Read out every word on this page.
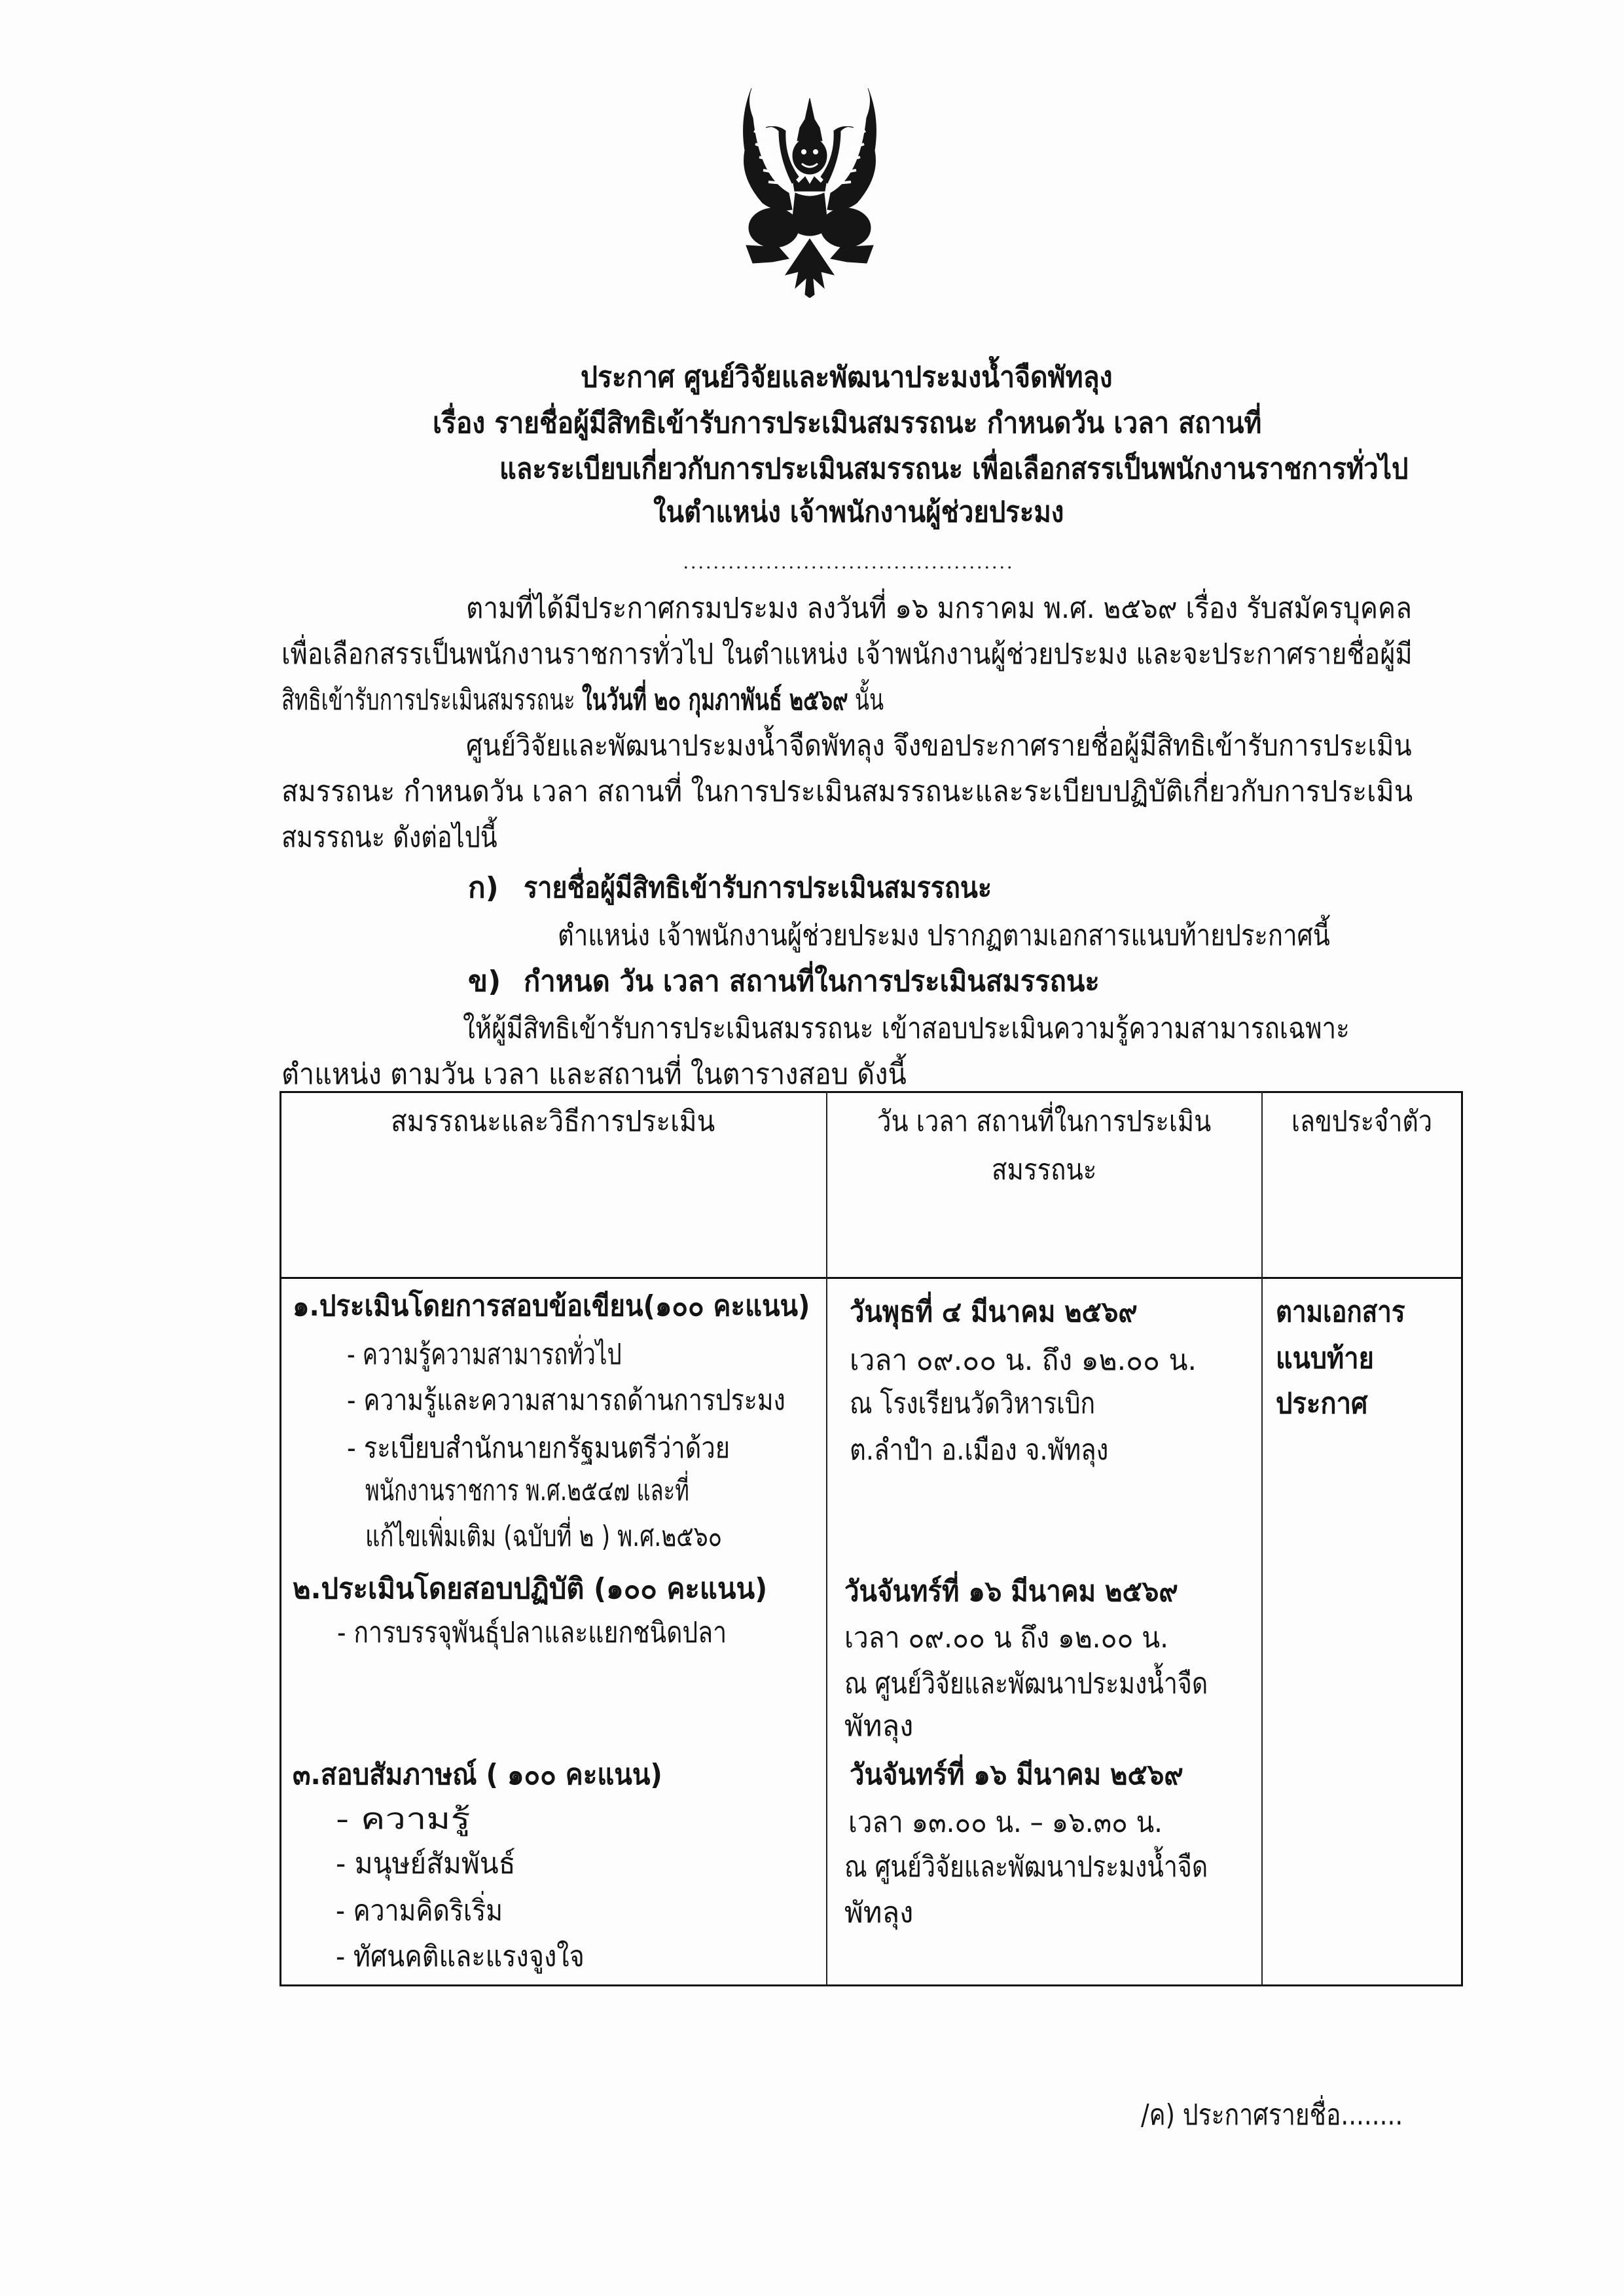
ประกาศ ศูนย์วิจัยและพัฒนาประมงน้ำจืดพัทลุง
เรื่อง รายชื่อผู้มีสิทธิเข้ารับการประเมินสมรรถนะ กำหนดวัน เวลา สถานที่
และระเบียบเกี่ยวกับการประเมินสมรรถนะ เพื่อเลือกสรรเป็นพนักงานราชการทั่วไป
ในตำแหน่ง เจ้าพนักงานผู้ช่วยประมง
ตามที่ได้มีประกาศกรมประมง ลงวันที่ ๑๖ มกราคม พ.ศ. ๒๕๖๙ เรื่อง รับสมัครบุคคล
เพื่อเลือกสรรเป็นพนักงานราชการทั่วไป ในตำแหน่ง เจ้าพนักงานผู้ช่วยประมง และจะประกาศรายชื่อผู้มี
สิทธิเข้ารับการประเมินสมรรถนะ ในวันที่ ๒๐ กุมภาพันธ์ ๒๕๖๙ นั้น
ศูนย์วิจัยและพัฒนาประมงน้ำจืดพัทลุง จึงขอประกาศรายชื่อผู้มีสิทธิเข้ารับการประเมิน
สมรรถนะ กำหนดวัน เวลา สถานที่ ในการประเมินสมรรถนะและระเบียบปฏิบัติเกี่ยวกับการประเมิน
สมรรถนะ ดังต่อไปนี้
ก) รายชื่อผู้มีสิทธิเข้ารับการประเมินสมรรถนะ
ตำแหน่ง เจ้าพนักงานผู้ช่วยประมง ปรากฏตามเอกสารแนบท้ายประกาศนี้
ข) กำหนด วัน เวลา สถานที่ในการประเมินสมรรถนะ
ให้ผู้มีสิทธิเข้ารับการประเมินสมรรถนะ เข้าสอบประเมินความรู้ความสามารถเฉพาะ
ตำแหน่ง ตามวัน เวลา และสถานที่ ในตารางสอบ ดังนี้
สมรรถนะและวิธีการประเมิน	วัน เวลา สถานที่ในการประเมิน
สมรรถนะ
เลขประจำตัว
๑.ประเมินโดยการสอบข้อเขียน(๑๐๐ คะแนน)
- ความรู้ความสามารถทั่วไป
- ความรู้และความสามารถด้านการประมง
- ระเบียบสำนักนายกรัฐมนตรีว่าด้วย
พนักงานราชการ พ.ศ.๒๕๔๗ และที่
แก้ไขเพิ่มเติม (ฉบับที่ ๒ ) พ.ศ.๒๕๖๐
วันพุธที่ ๔ มีนาคม ๒๕๖๙
เวลา ๐๙.๐๐ น. ถึง ๑๒.๐๐ น.
ณ โรงเรียนวัดวิหารเบิก
ต.ลำปำ อ.เมือง จ.พัทลุง
ตามเอกสาร
แนบท้าย
ประกาศ
๒.ประเมินโดยสอบปฏิบัติ (๑๐๐ คะแนน)
- การบรรจุพันธุ์ปลาและแยกชนิดปลา
วันจันทร์ที่ ๑๖ มีนาคม ๒๕๖๙
เวลา ๐๙.๐๐ น ถึง ๑๒.๐๐ น.
ณ ศูนย์วิจัยและพัฒนาประมงน้ำจืด
พัทลุง
๓.สอบสัมภาษณ์ ( ๑๐๐ คะแนน)
- ความรู้
- มนุษย์สัมพันธ์
- ความคิดริเริ่ม
- ทัศนคติและแรงจูงใจ
วันจันทร์ที่ ๑๖ มีนาคม ๒๕๖๙
เวลา ๑๓.๐๐ น. – ๑๖.๓๐ น.
ณ ศูนย์วิจัยและพัฒนาประมงน้ำจืด
พัทลุง
/ค) ประกาศรายชื่อ........
